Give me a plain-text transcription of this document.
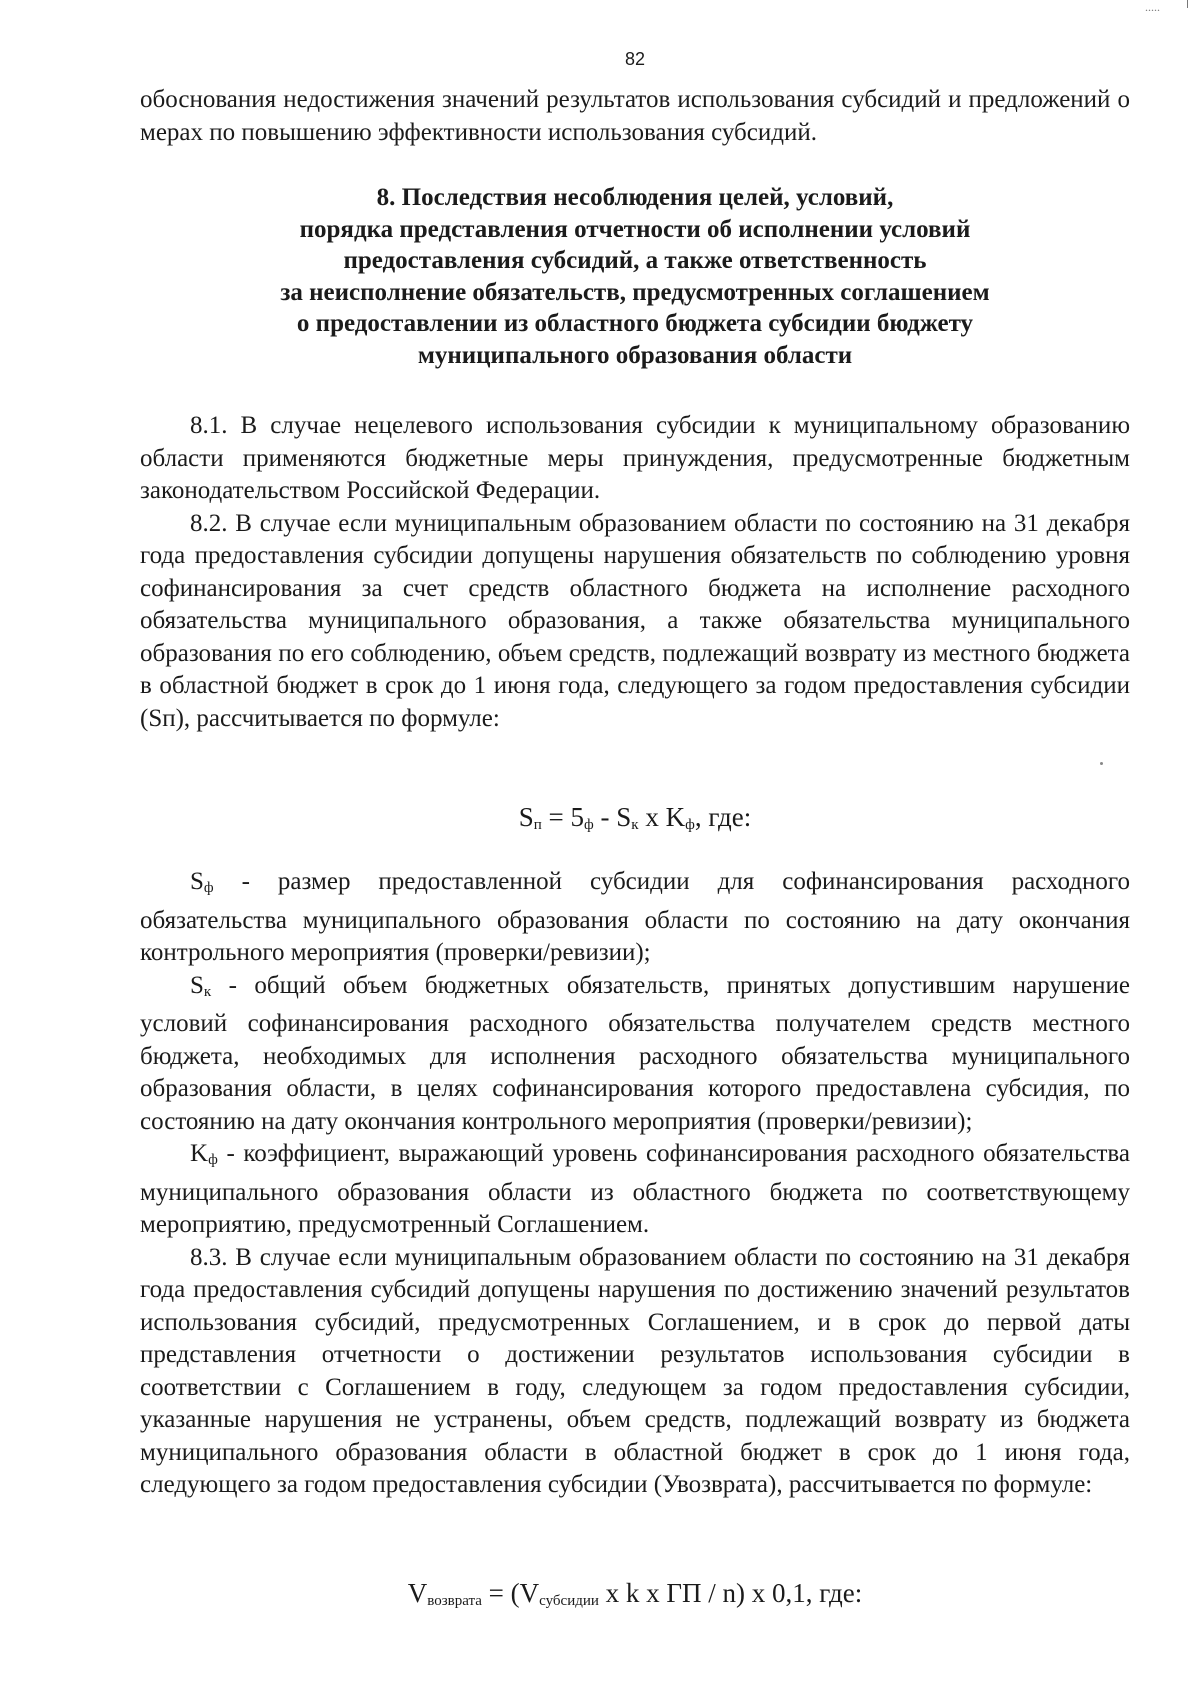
.....
82

обоснования недостижения значений результатов использования субсидий и предложений о мерах по повышению эффективности использования субсидий.

8. Последствия несоблюдения целей, условий,
порядка представления отчетности об исполнении условий
предоставления субсидий, а также ответственность
за неисполнение обязательств, предусмотренных соглашением
о предоставлении из областного бюджета субсидии бюджету
муниципального образования области

8.1. В случае нецелевого использования субсидии к муниципальному образованию области применяются бюджетные меры принуждения, предусмотренные бюджетным законодательством Российской Федерации.

8.2. В случае если муниципальным образованием области по состоянию на 31 декабря года предоставления субсидии допущены нарушения обязательств по соблюдению уровня софинансирования за счет средств областного бюджета на исполнение расходного обязательства муниципального образования, а также обязательства муниципального образования по его соблюдению, объем средств, подлежащий возврату из местного бюджета в областной бюджет в срок до 1 июня года, следующего за годом предоставления субсидии (Sп), рассчитывается по формуле:

$S_п = 5_ф - S_к$ x $K_ф$, где:

$S_ф$ - размер предоставленной субсидии для софинансирования расходного обязательства муниципального образования области по состоянию на дату окончания контрольного мероприятия (проверки/ревизии);

$S_к$ - общий объем бюджетных обязательств, принятых допустившим нарушение условий софинансирования расходного обязательства получателем средств местного бюджета, необходимых для исполнения расходного обязательства муниципального образования области, в целях софинансирования которого предоставлена субсидия, по состоянию на дату окончания контрольного мероприятия (проверки/ревизии);

$K_ф$ - коэффициент, выражающий уровень софинансирования расходного обязательства муниципального образования области из областного бюджета по соответствующему мероприятию, предусмотренный Соглашением.

8.3. В случае если муниципальным образованием области по состоянию на 31 декабря года предоставления субсидий допущены нарушения по достижению значений результатов использования субсидий, предусмотренных Соглашением, и в срок до первой даты представления отчетности о достижении результатов использования субсидии в соответствии с Соглашением в году, следующем за годом предоставления субсидии, указанные нарушения не устранены, объем средств, подлежащий возврату из бюджета муниципального образования области в областной бюджет в срок до 1 июня года, следующего за годом предоставления субсидии (Увозврата), рассчитывается по формуле:

$V_{возврата} = (V_{субсидии}$ x k x ГП / n) x 0,1, где:
